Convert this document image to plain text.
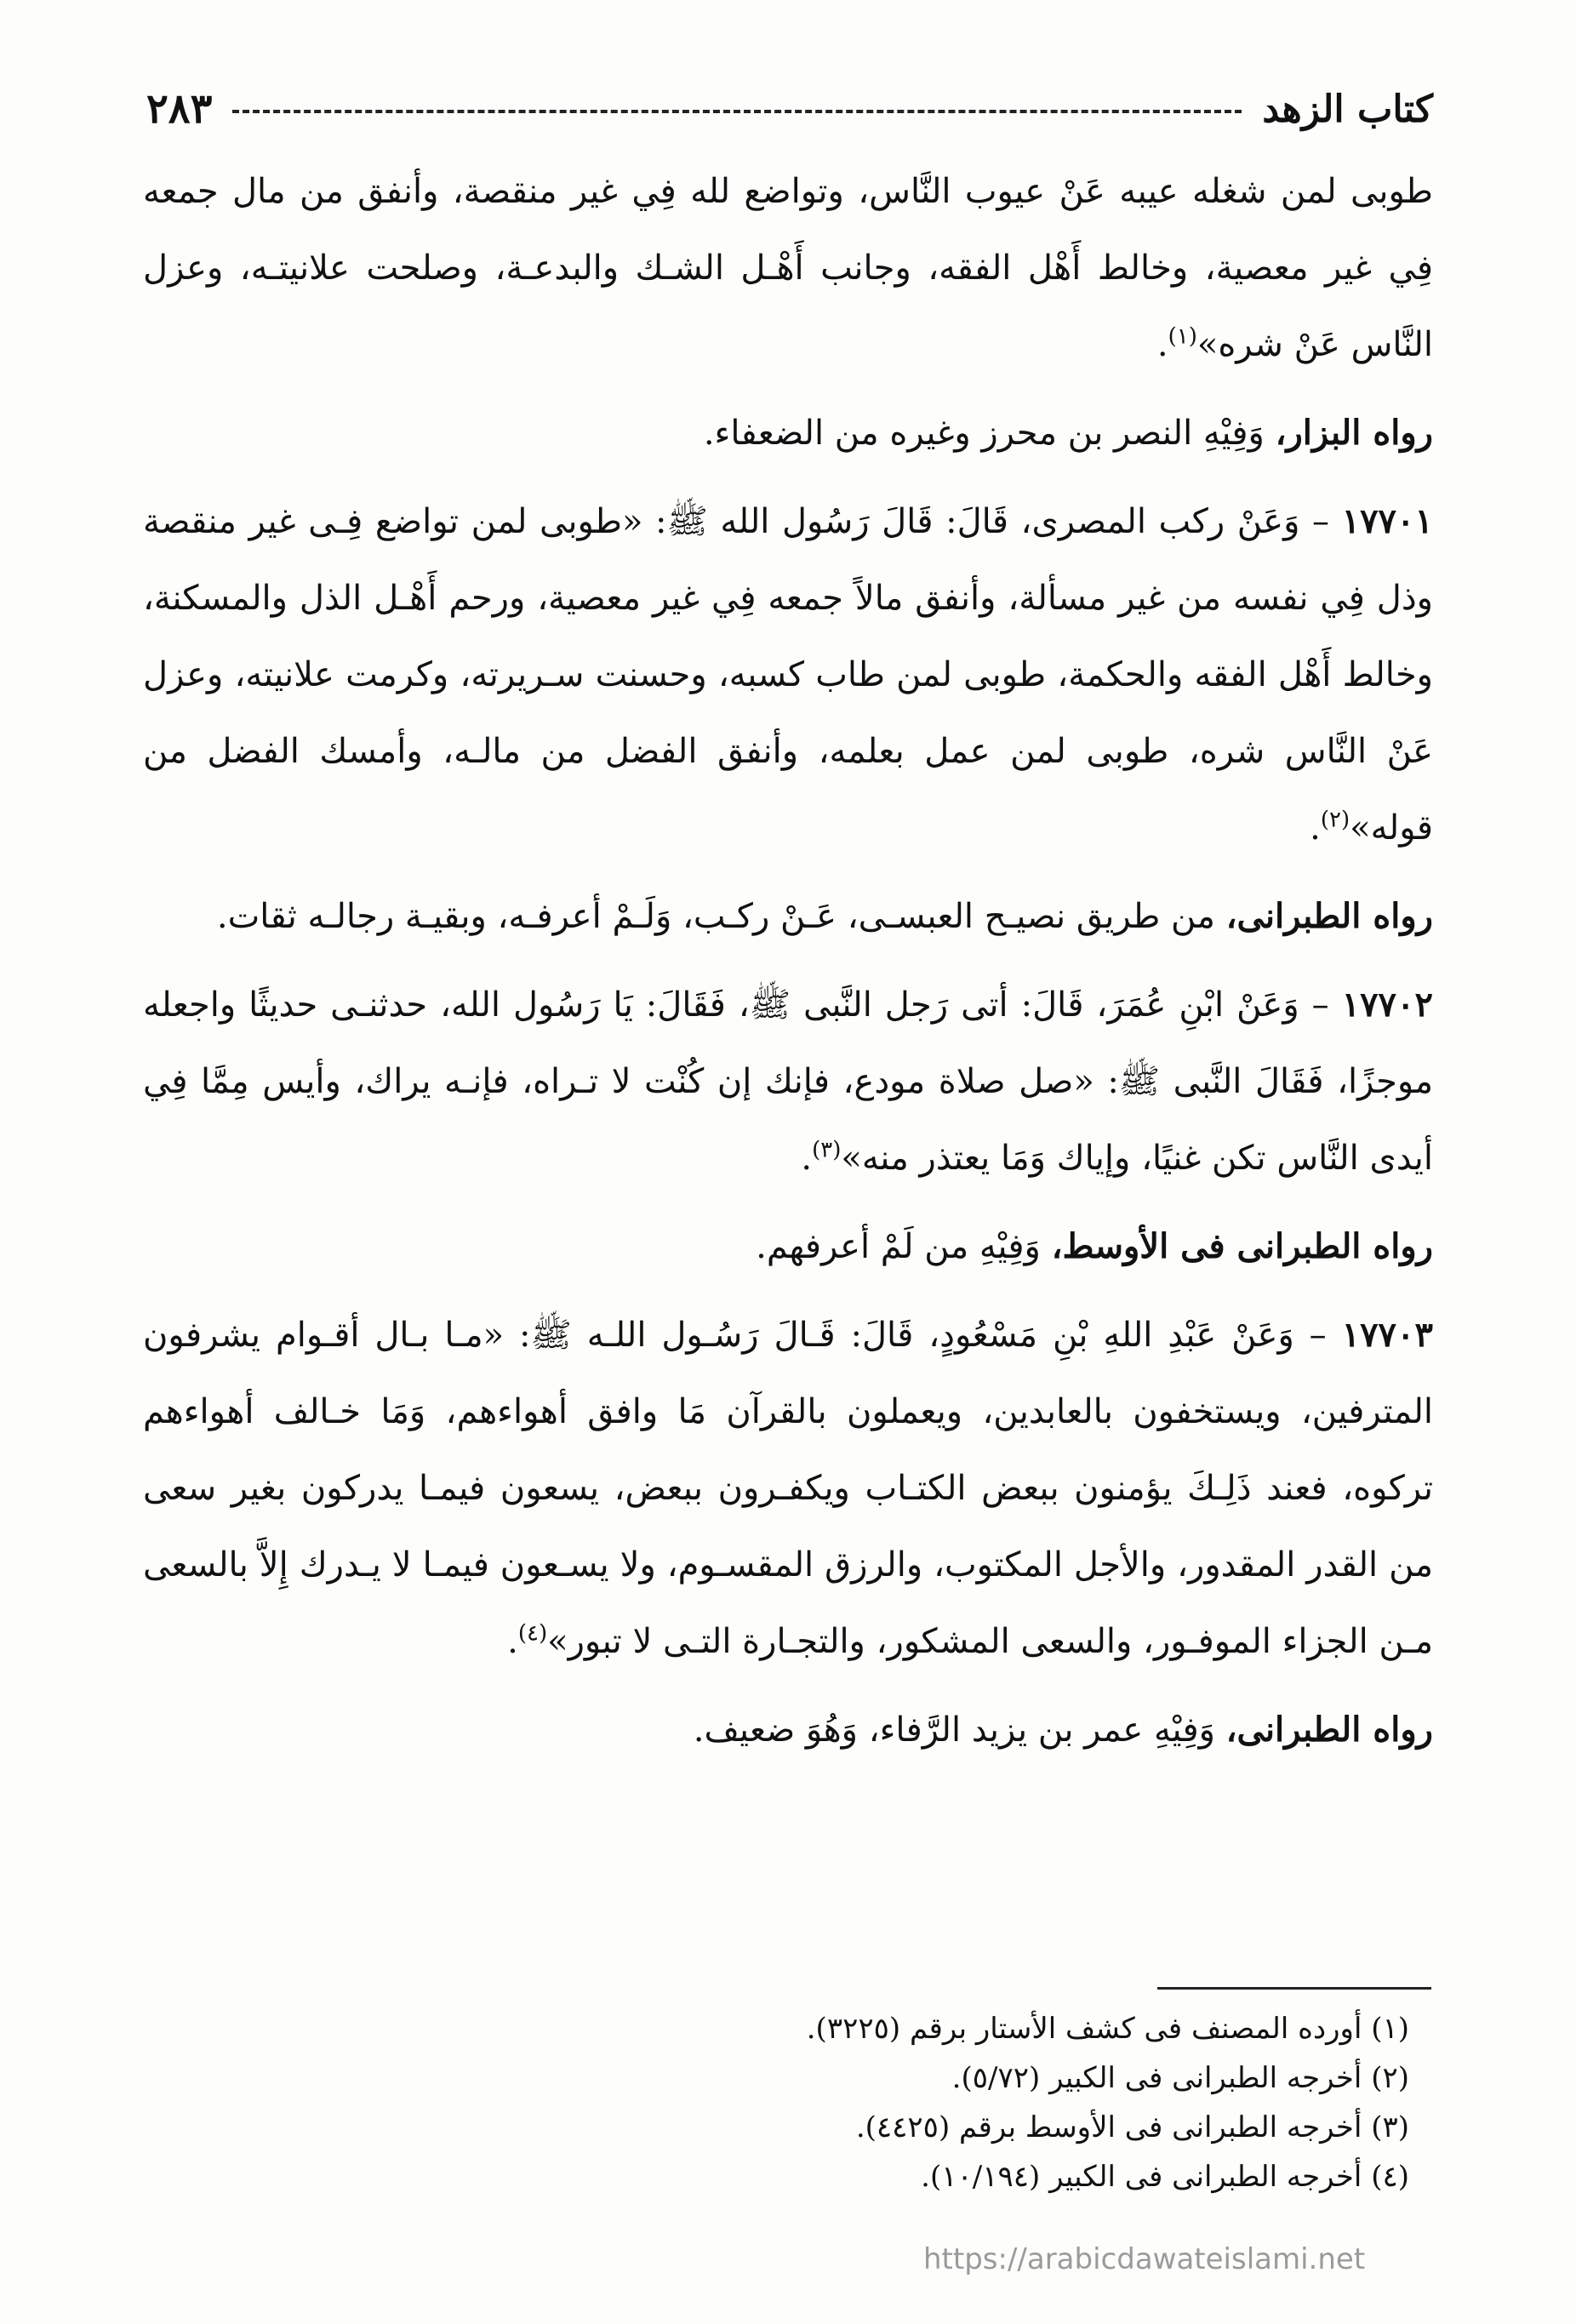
كتاب الزهد
٢٨٣

طوبى لمن شغله عيبه عَنْ عيوب النَّاس، وتواضع لله فِي غير منقصة، وأنفق من مال جمعه فِي غير معصية، وخالط أَهْل الفقه، وجانب أَهْـل الشـك والبدعـة، وصلحت علانيتـه، وعزل النَّاس عَنْ شره»$^{(١)}$.

رواه البزار، وَفِيْهِ النصر بن محرز وغيره من الضعفاء.

١٧٧٠١ – وَعَنْ ركب المصرى، قَالَ: قَالَ رَسُول الله ﷺ: «طوبى لمن تواضع فِـى غير منقصة وذل فِي نفسه من غير مسألة، وأنفق مالاً جمعه فِي غير معصية، ورحم أَهْـل الذل والمسكنة، وخالط أَهْل الفقه والحكمة، طوبى لمن طاب كسبه، وحسنت سـريرته، وكرمت علانيته، وعزل عَنْ النَّاس شره، طوبى لمن عمل بعلمه، وأنفق الفضل من مالـه، وأمسك الفضل من قوله»$^{(٢)}$.

رواه الطبرانى، من طريق نصيـح العبسـى، عَـنْ ركـب، وَلَـمْ أعرفـه، وبقيـة رجالـه ثقات.

١٧٧٠٢ – وَعَنْ ابْنِ عُمَرَ، قَالَ: أتى رَجل النَّبى ﷺ، فَقَالَ: يَا رَسُول الله، حدثنـى حديثًا واجعله موجزًا، فَقَالَ النَّبى ﷺ: «صل صلاة مودع، فإنك إن كُنْت لا تـراه، فإنـه يراك، وأيس مِمَّا فِي أيدى النَّاس تكن غنيًا، وإياك وَمَا يعتذر منه»$^{(٣)}$.

رواه الطبرانى فى الأوسط، وَفِيْهِ من لَمْ أعرفهم.

١٧٧٠٣ – وَعَنْ عَبْدِ اللهِ بْنِ مَسْعُودٍ، قَالَ: قَـالَ رَسُـول اللـه ﷺ: «مـا بـال أقـوام يشرفون المترفين، ويستخفون بالعابدين، ويعملون بالقرآن مَا وافق أهواءهم، وَمَا خـالف أهواءهم تركوه، فعند ذَلِـكَ يؤمنون ببعض الكتـاب ويكفـرون ببعض، يسعون فيمـا يدركون بغير سعى من القدر المقدور، والأجل المكتوب، والرزق المقسـوم، ولا يسـعون فيمـا لا يـدرك إِلاَّ بالسعى مـن الجزاء الموفـور، والسعى المشكور، والتجـارة التـى لا تبور»$^{(٤)}$.

رواه الطبرانى، وَفِيْهِ عمر بن يزيد الرَّفاء، وَهُوَ ضعيف.

(١) أورده المصنف فى كشف الأستار برقم (٣٢٢٥).
(٢) أخرجه الطبرانى فى الكبير (٥/٧٢).
(٣) أخرجه الطبرانى فى الأوسط برقم (٤٤٢٥).
(٤) أخرجه الطبرانى فى الكبير (١٠/١٩٤).
https://arabicdawateislami.net
